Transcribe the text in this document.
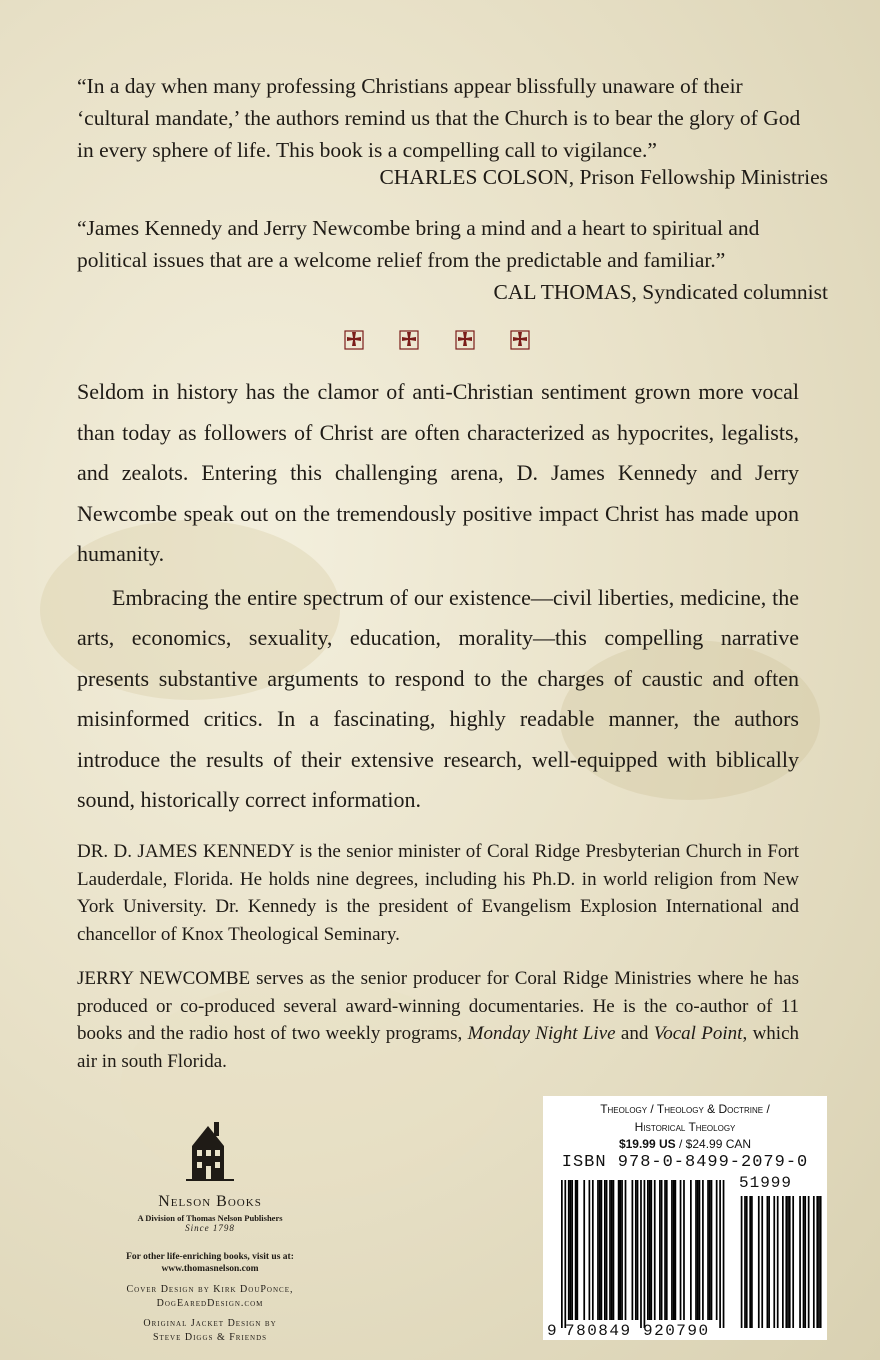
“In a day when many professing Christians appear blissfully unaware of their ‘cultural mandate,’ the authors remind us that the Church is to bear the glory of God in every sphere of life. This book is a compelling call to vigilance.”
CHARLES COLSON, Prison Fellowship Ministries
“James Kennedy and Jerry Newcombe bring a mind and a heart to spiritual and political issues that are a welcome relief from the predictable and familiar.”
CAL THOMAS, Syndicated columnist

Seldom in history has the clamor of anti-Christian sentiment grown more vocal than today as followers of Christ are often characterized as hypocrites, legalists, and zealots. Entering this challenging arena, D. James Kennedy and Jerry Newcombe speak out on the tremendously positive impact Christ has made upon humanity.

Embracing the entire spectrum of our existence—civil liberties, medicine, the arts, economics, sexuality, education, morality—this compelling narrative presents substantive arguments to respond to the charges of caustic and often misinformed critics. In a fascinating, highly readable manner, the authors introduce the results of their extensive research, well-equipped with biblically sound, historically correct information.

DR. D. JAMES KENNEDY is the senior minister of Coral Ridge Presbyterian Church in Fort Lauderdale, Florida. He holds nine degrees, including his Ph.D. in world religion from New York University. Dr. Kennedy is the president of Evangelism Explosion International and chancellor of Knox Theological Seminary.
JERRY NEWCOMBE serves as the senior producer for Coral Ridge Ministries where he has produced or co-produced several award-winning documentaries. He is the co-author of 11 books and the radio host of two weekly programs, Monday Night Live and Vocal Point, which air in south Florida.
Nelson Books
A Division of Thomas Nelson Publishers
Since 1798
For other life-enriching books, visit us at:
www.thomasnelson.com
Cover Design by Kirk DouPonce,
DogEaredDesign.com
Original Jacket Design by
Steve Diggs & Friends
Theology / Theology & Doctrine /
Historical Theology
$19.99 US / $24.99 CAN
ISBN 978-0-8499-2079-0
9 780849 920790
51999
